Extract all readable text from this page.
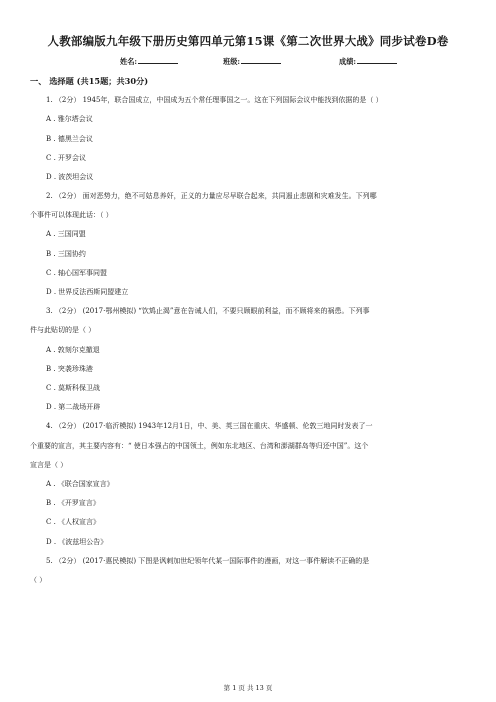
人教部编版九年级下册历史第四单元第15课《第二次世界大战》同步试卷D卷
姓名:	班级:	成绩:
一、 选择题 (共15题；共30分)
1. （2分） 1945年，联合国成立，中国成为五个常任理事国之一。这在下列国际会议中能找到依据的是（ ）
A . 雅尔塔会议
B . 德黑兰会议
C . 开罗会议
D . 波茨坦会议
2. （2分） 面对恶势力，绝不可姑息养奸，正义的力量应尽早联合起来，共同遏止悲剧和灾难发生。下列哪
个事件可以体现此话：（ ）
A . 三国同盟
B . 三国协约
C . 轴心国军事同盟
D . 世界反法西斯同盟建立
3. （2分） (2017·鄂州模拟) “饮鸩止渴”意在告诫人们，不要只顾眼前利益，而不顾将来的祸患。下列事
件与此贴切的是（ ）
A . 敦刻尔克撤退
B . 突袭珍珠港
C . 莫斯科保卫战
D . 第二战场开辟
4. （2分） (2017·临沂模拟) 1943年12月1日，中、美、英三国在重庆、华盛顿、伦敦三地同时发表了一
个重要的宣言，其主要内容有：“ 使日本强占的中国领土，例如东北地区、台湾和澎湖群岛等归还中国”。这个
宣言是（ ）
A . 《联合国家宣言》
B . 《开罗宣言》
C . 《人权宣言》
D . 《波兹坦公告》
5. （2分） (2017·惠民模拟) 下图是讽刺加世纪领年代某一国际事件的漫画，对这一事件解读不正确的是
（ ）
第 1 页 共 13 页
